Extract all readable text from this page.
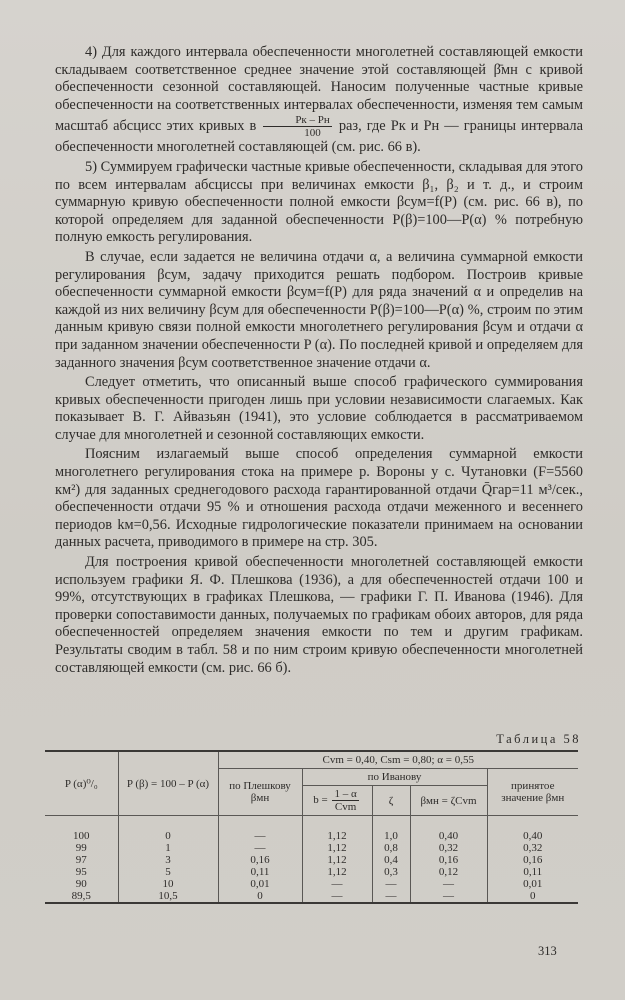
4) Для каждого интервала обеспеченности многолетней составляющей емкости складываем соответственное среднее значение этой составляющей β̄мн с кривой обеспеченности сезонной составляющей. Наносим полученные частные кривые обеспеченности на соответственных интервалах обеспеченности, изменяя тем самым масштаб абсцисс этих кривых в $\frac{Pк - Pн}{100}$ раз, где Pк и Pн — границы интервала обеспеченности многолетней составляющей (см. рис. 66 в).

5) Суммируем графически частные кривые обеспеченности, складывая для этого по всем интервалам абсциссы при величинах емкости β₁, β₂ и т. д., и строим суммарную кривую обеспеченности полной емкости βсум=f(P) (см. рис. 66 в), по которой определяем для заданной обеспеченности P(β)=100—P(α) % потребную полную емкость регулирования.

В случае, если задается не величина отдачи α, а величина суммарной емкости регулирования βсум, задачу приходится решать подбором. Построив кривые обеспеченности суммарной емкости βсум=f(P) для ряда значений α и определив на каждой из них величину βсум для обеспеченности P(β)=100—P(α) %, строим по этим данным кривую связи полной емкости многолетнего регулирования βсум и отдачи α при заданном значении обеспеченности P (α). По последней кривой и определяем для заданного значения βсум соответственное значение отдачи α.

Следует отметить, что описанный выше способ графического суммирования кривых обеспеченности пригоден лишь при условии независимости слагаемых. Как показывает В. Г. Айвазьян (1941), это условие соблюдается в рассматриваемом случае для многолетней и сезонной составляющих емкости.

Поясним излагаемый выше способ определения суммарной емкости многолетнего регулирования стока на примере р. Вороны у с. Чутановки (F=5560 км²) для заданных среднегодового расхода гарантированной отдачи Q̄гар=11 м³/сек., обеспеченности отдачи 95 % и отношения расхода отдачи меженного и весеннего периодов kм=0,56. Исходные гидрологические показатели принимаем на основании данных расчета, приводимого в примере на стр. 305.

Для построения кривой обеспеченности многолетней составляющей емкости используем графики Я. Ф. Плешкова (1936), а для обеспеченностей отдачи 100 и 99%, отсутствующих в графиках Плешкова, — графики Г. П. Иванова (1946). Для проверки сопоставимости данных, получаемых по графикам обоих авторов, для ряда обеспеченностей определяем значения емкости по тем и другим графикам. Результаты сводим в табл. 58 и по ним строим кривую обеспеченности многолетней составляющей емкости (см. рис. 66 б).

Таблица 58
P (α)⁰/₀	P (β) = 100 – P (α)	Cvm = 0,40, Csm = 0,80; α = 0,55				
		по Плешкову βмн	по Иванову			принятое значение βмн
			$b = \frac{1 - \alpha}{\text{Cvm}}$	ζ	βмн = ζCvm	

100	0	—	1,12	1,0	0,40	0,40
99	1	—	1,12	0,8	0,32	0,32
97	3	0,16	1,12	0,4	0,16	0,16
95	5	0,11	1,12	0,3	0,12	0,11
90	10	0,01	—	—	—	0,01
89,5	10,5	0	—	—	—	0
313
